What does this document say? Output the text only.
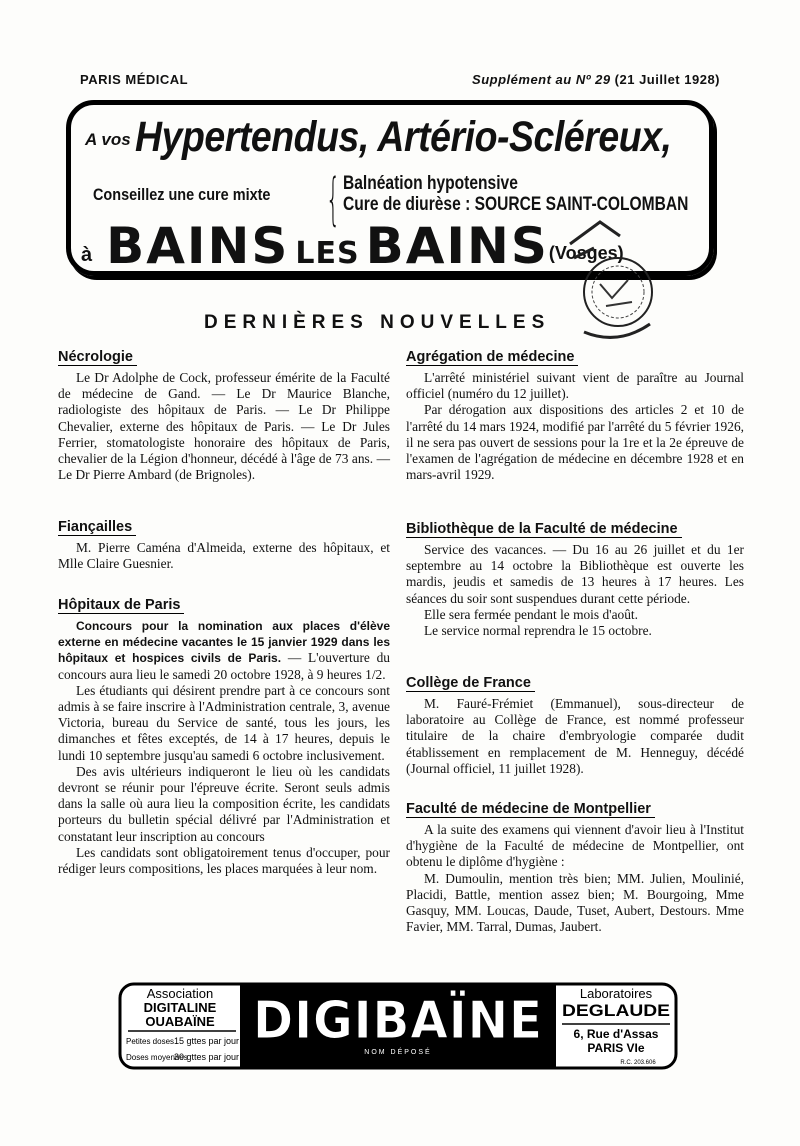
PARIS MÉDICAL	Supplément au Nº 29 (21 Juillet 1928)
A vos Hypertendus, Artério-Scléreux,
Conseillez une cure mixte { Balnéation hypotensive
Cure de diurèse : SOURCE SAINT-COLOMBAN
à BAINS LES BAINS(Vosges)
DERNIÈRES NOUVELLES
Nécrologie

Le Dr Adolphe de Cock, professeur émérite de la Faculté de médecine de Gand. — Le Dr Maurice Blanche, radiologiste des hôpitaux de Paris. — Le Dr Philippe Chevalier, externe des hôpitaux de Paris. — Le Dr Jules Ferrier, stomatologiste honoraire des hôpitaux de Paris, chevalier de la Légion d'honneur, décédé à l'âge de 73 ans. — Le Dr Pierre Ambard (de Brignoles).

Fiançailles

M. Pierre Caména d'Almeida, externe des hôpitaux, et Mlle Claire Guesnier.

Hôpitaux de Paris

Concours pour la nomination aux places d'élève externe en médecine vacantes le 15 janvier 1929 dans les hôpitaux et hospices civils de Paris. — L'ouverture du concours aura lieu le samedi 20 octobre 1928, à 9 heures 1/2.

Les étudiants qui désirent prendre part à ce concours sont admis à se faire inscrire à l'Administration centrale, 3, avenue Victoria, bureau du Service de santé, tous les jours, les dimanches et fêtes exceptés, de 14 à 17 heures, depuis le lundi 10 septembre jusqu'au samedi 6 octobre inclusivement.

Des avis ultérieurs indiqueront le lieu où les candidats devront se réunir pour l'épreuve écrite. Seront seuls admis dans la salle où aura lieu la composition écrite, les candidats porteurs du bulletin spécial délivré par l'Administration et constatant leur inscription au concours

Les candidats sont obligatoirement tenus d'occuper, pour rédiger leurs compositions, les places marquées à leur nom.

Agrégation de médecine

L'arrêté ministériel suivant vient de paraître au Journal officiel (numéro du 12 juillet).

Par dérogation aux dispositions des articles 2 et 10 de l'arrêté du 14 mars 1924, modifié par l'arrêté du 5 février 1926, il ne sera pas ouvert de sessions pour la 1re et la 2e épreuve de l'examen de l'agrégation de médecine en décembre 1928 et en mars-avril 1929.

Bibliothèque de la Faculté de médecine

Service des vacances. — Du 16 au 26 juillet et du 1er septembre au 14 octobre la Bibliothèque est ouverte les mardis, jeudis et samedis de 13 heures à 17 heures. Les séances du soir sont suspendues durant cette période.

Elle sera fermée pendant le mois d'août.

Le service normal reprendra le 15 octobre.

Collège de France

M. Fauré-Frémiet (Emmanuel), sous-directeur de laboratoire au Collège de France, est nommé professeur titulaire de la chaire d'embryologie comparée dudit établissement en remplacement de M. Henneguy, décédé (Journal officiel, 11 juillet 1928).

Faculté de médecine de Montpellier

A la suite des examens qui viennent d'avoir lieu à l'Institut d'hygiène de la Faculté de médecine de Montpellier, ont obtenu le diplôme d'hygiène :

M. Dumoulin, mention très bien; MM. Julien, Moulinié, Placidi, Battle, mention assez bien; M. Bourgoing, Mme Gasquy, MM. Loucas, Daude, Tuset, Aubert, Destours. Mme Favier, MM. Tarral, Dumas, Jaubert.

Association
DIGITALINE
OUABAÏNE
Petites doses 15 gttes par jour
Doses moyennes
30 gttes par jour
DIGIBAÏNE
NOM DÉPOSÉ
Laboratoires
DEGLAUDE
6, Rue d'Assas
PARIS VIe
R.C. 203.606
